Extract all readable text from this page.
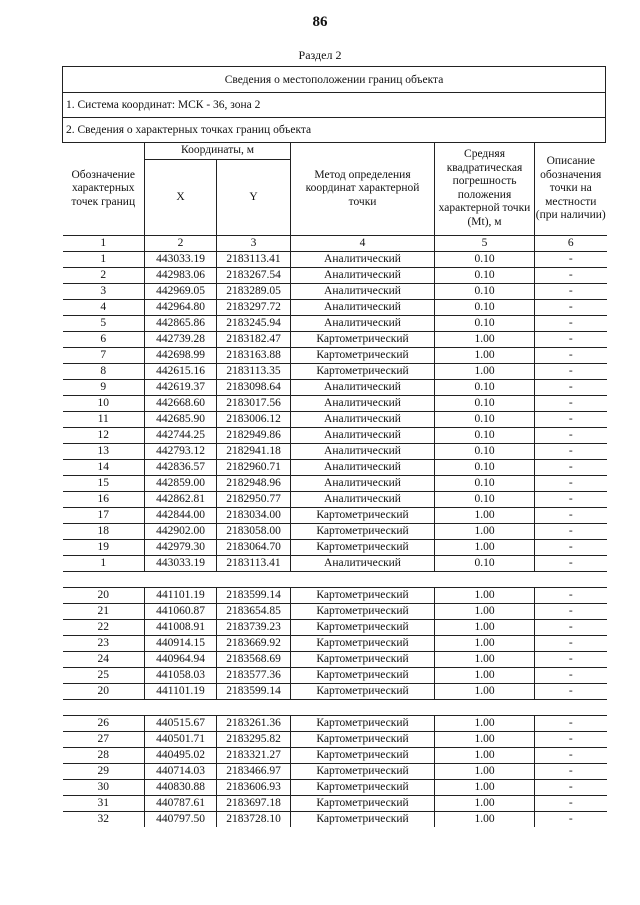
86
Раздел 2
Сведения о местоположении границ объекта
1. Система координат: МСК - 36, зона 2
2. Сведения о характерных точках границ объекта

Обозначение характерных точек границ	Координаты, м	Метод определения координат характерной точки	Средняя квадратическая погрешность положения характерной точки (Mt), м	Описание обозначения точки на местности (при наличии)
X	Y
1	2	3	4	5	6
1	443033.19	2183113.41	Аналитический	0.10	-
2	442983.06	2183267.54	Аналитический	0.10	-
3	442969.05	2183289.05	Аналитический	0.10	-
4	442964.80	2183297.72	Аналитический	0.10	-
5	442865.86	2183245.94	Аналитический	0.10	-
6	442739.28	2183182.47	Картометрический	1.00	-
7	442698.99	2183163.88	Картометрический	1.00	-
8	442615.16	2183113.35	Картометрический	1.00	-
9	442619.37	2183098.64	Аналитический	0.10	-
10	442668.60	2183017.56	Аналитический	0.10	-
11	442685.90	2183006.12	Аналитический	0.10	-
12	442744.25	2182949.86	Аналитический	0.10	-
13	442793.12	2182941.18	Аналитический	0.10	-
14	442836.57	2182960.71	Аналитический	0.10	-
15	442859.00	2182948.96	Аналитический	0.10	-
16	442862.81	2182950.77	Аналитический	0.10	-
17	442844.00	2183034.00	Картометрический	1.00	-
18	442902.00	2183058.00	Картометрический	1.00	-
19	442979.30	2183064.70	Картометрический	1.00	-
1	443033.19	2183113.41	Аналитический	0.10	-

20	441101.19	2183599.14	Картометрический	1.00	-
21	441060.87	2183654.85	Картометрический	1.00	-
22	441008.91	2183739.23	Картометрический	1.00	-
23	440914.15	2183669.92	Картометрический	1.00	-
24	440964.94	2183568.69	Картометрический	1.00	-
25	441058.03	2183577.36	Картометрический	1.00	-
20	441101.19	2183599.14	Картометрический	1.00	-

26	440515.67	2183261.36	Картометрический	1.00	-
27	440501.71	2183295.82	Картометрический	1.00	-
28	440495.02	2183321.27	Картометрический	1.00	-
29	440714.03	2183466.97	Картометрический	1.00	-
30	440830.88	2183606.93	Картометрический	1.00	-
31	440787.61	2183697.18	Картометрический	1.00	-
32	440797.50	2183728.10	Картометрический	1.00	-
